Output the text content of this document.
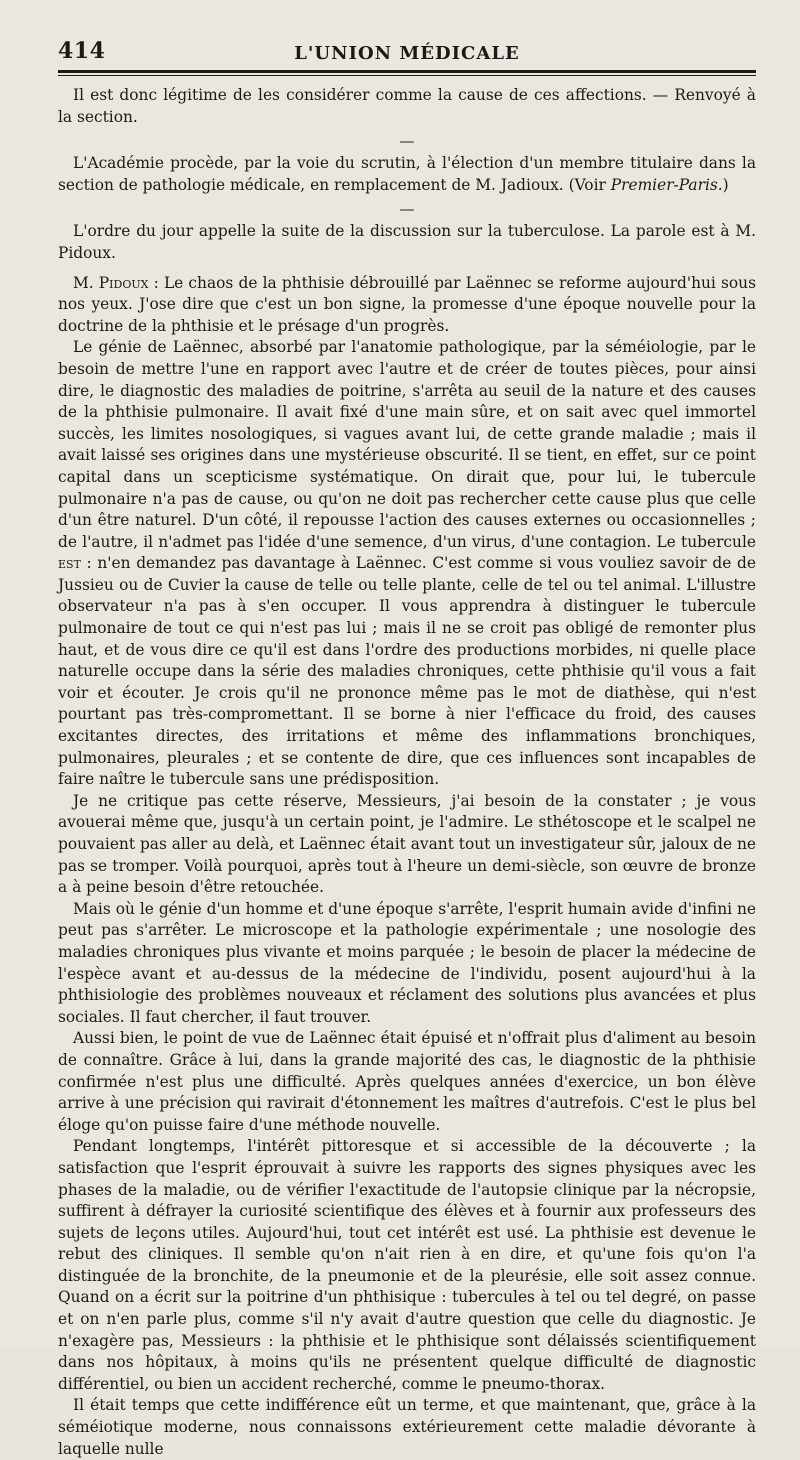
414	L'UNION MÉDICALE

Il est donc légitime de les considérer comme la cause de ces affections. — Renvoyé à la section.

—

L'Académie procède, par la voie du scrutin, à l'élection d'un membre titulaire dans la section de pathologie médicale, en remplacement de M. Jadioux. (Voir Premier-Paris.)

—

L'ordre du jour appelle la suite de la discussion sur la tuberculose. La parole est à M. Pidoux.

M. Pidoux : Le chaos de la phthisie débrouillé par Laënnec se reforme aujourd'hui sous nos yeux. J'ose dire que c'est un bon signe, la promesse d'une époque nouvelle pour la doctrine de la phthisie et le présage d'un progrès.

Le génie de Laënnec, absorbé par l'anatomie pathologique, par la séméiologie, par le besoin de mettre l'une en rapport avec l'autre et de créer de toutes pièces, pour ainsi dire, le diagnostic des maladies de poitrine, s'arrêta au seuil de la nature et des causes de la phthisie pulmonaire. Il avait fixé d'une main sûre, et on sait avec quel immortel succès, les limites nosologiques, si vagues avant lui, de cette grande maladie ; mais il avait laissé ses origines dans une mystérieuse obscurité. Il se tient, en effet, sur ce point capital dans un scepticisme systématique. On dirait que, pour lui, le tubercule pulmonaire n'a pas de cause, ou qu'on ne doit pas rechercher cette cause plus que celle d'un être naturel. D'un côté, il repousse l'action des causes externes ou occasionnelles ; de l'autre, il n'admet pas l'idée d'une semence, d'un virus, d'une contagion. Le tubercule est : n'en demandez pas davantage à Laënnec. C'est comme si vous vouliez savoir de de Jussieu ou de Cuvier la cause de telle ou telle plante, celle de tel ou tel animal. L'illustre observateur n'a pas à s'en occuper. Il vous apprendra à distinguer le tubercule pulmonaire de tout ce qui n'est pas lui ; mais il ne se croit pas obligé de remonter plus haut, et de vous dire ce qu'il est dans l'ordre des productions morbides, ni quelle place naturelle occupe dans la série des maladies chroniques, cette phthisie qu'il vous a fait voir et écouter. Je crois qu'il ne prononce même pas le mot de diathèse, qui n'est pourtant pas très-compromettant. Il se borne à nier l'efficace du froid, des causes excitantes directes, des irritations et même des inflammations bronchiques, pulmonaires, pleurales ; et se contente de dire, que ces influences sont incapables de faire naître le tubercule sans une prédisposition.

Je ne critique pas cette réserve, Messieurs, j'ai besoin de la constater ; je vous avouerai même que, jusqu'à un certain point, je l'admire. Le sthétoscope et le scalpel ne pouvaient pas aller au delà, et Laënnec était avant tout un investigateur sûr, jaloux de ne pas se tromper. Voilà pourquoi, après tout à l'heure un demi-siècle, son œuvre de bronze a à peine besoin d'être retouchée.

Mais où le génie d'un homme et d'une époque s'arrête, l'esprit humain avide d'infini ne peut pas s'arrêter. Le microscope et la pathologie expérimentale ; une nosologie des maladies chroniques plus vivante et moins parquée ; le besoin de placer la médecine de l'espèce avant et au-dessus de la médecine de l'individu, posent aujourd'hui à la phthisiologie des problèmes nouveaux et réclament des solutions plus avancées et plus sociales. Il faut chercher, il faut trouver.

Aussi bien, le point de vue de Laënnec était épuisé et n'offrait plus d'aliment au besoin de connaître. Grâce à lui, dans la grande majorité des cas, le diagnostic de la phthisie confirmée n'est plus une difficulté. Après quelques années d'exercice, un bon élève arrive à une précision qui ravirait d'étonnement les maîtres d'autrefois. C'est le plus bel éloge qu'on puisse faire d'une méthode nouvelle.

Pendant longtemps, l'intérêt pittoresque et si accessible de la découverte ; la satisfaction que l'esprit éprouvait à suivre les rapports des signes physiques avec les phases de la maladie, ou de vérifier l'exactitude de l'autopsie clinique par la nécropsie, suffirent à défrayer la curiosité scientifique des élèves et à fournir aux professeurs des sujets de leçons utiles. Aujourd'hui, tout cet intérêt est usé. La phthisie est devenue le rebut des cliniques. Il semble qu'on n'ait rien à en dire, et qu'une fois qu'on l'a distinguée de la bronchite, de la pneumonie et de la pleurésie, elle soit assez connue. Quand on a écrit sur la poitrine d'un phthisique : tubercules à tel ou tel degré, on passe et on n'en parle plus, comme s'il n'y avait d'autre question que celle du diagnostic. Je n'exagère pas, Messieurs : la phthisie et le phthisique sont délaissés scientifiquement dans nos hôpitaux, à moins qu'ils ne présentent quelque difficulté de diagnostic différentiel, ou bien un accident recherché, comme le pneumo-thorax.

Il était temps que cette indifférence eût un terme, et que maintenant, que, grâce à la séméiotique moderne, nous connaissons extérieurement cette maladie dévorante à laquelle nulle
